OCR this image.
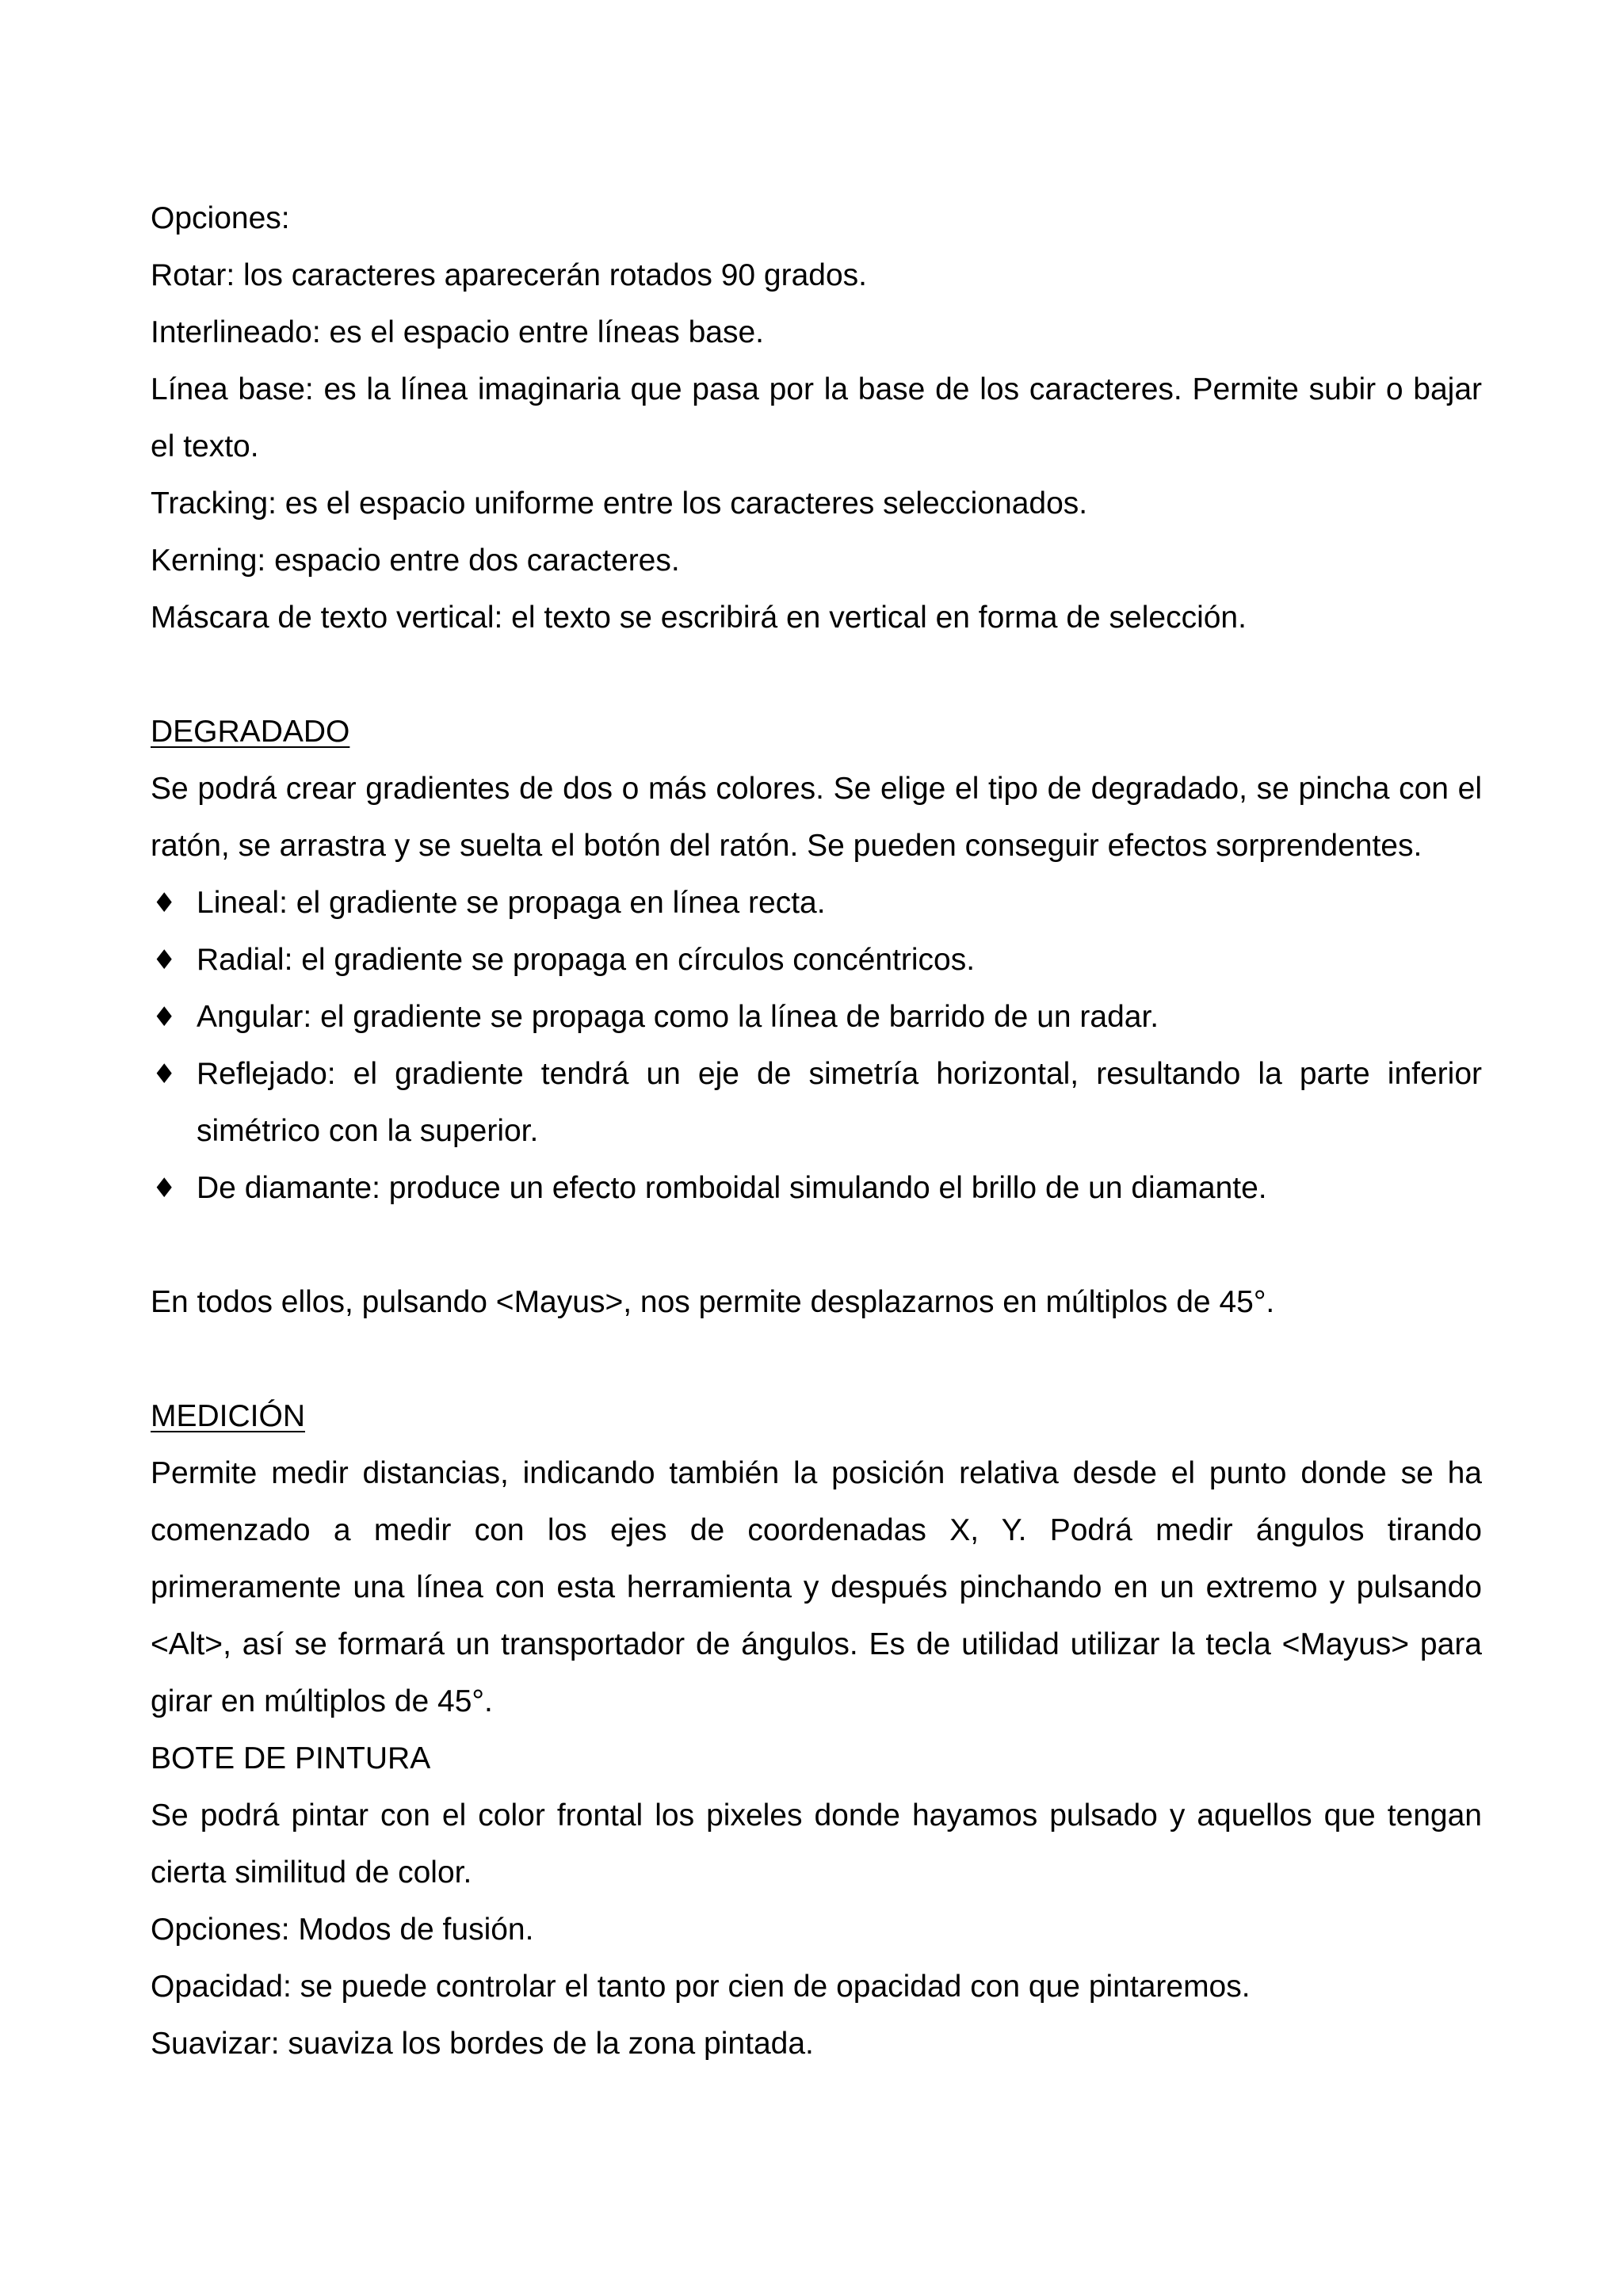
Opciones:

Rotar: los caracteres aparecerán rotados 90 grados.

Interlineado: es el espacio entre líneas base.

Línea base: es la línea imaginaria que pasa por la base de los caracteres. Permite subir o bajar el texto.

Tracking: es el espacio uniforme entre los caracteres seleccionados.

Kerning: espacio entre dos caracteres.

Máscara de texto vertical: el texto se escribirá en vertical en forma de selección.

DEGRADADO

Se podrá crear gradientes de dos o más colores. Se elige el tipo de degradado, se pincha con el ratón, se arrastra y se suelta el botón del ratón. Se pueden conseguir efectos sorprendentes.

♦ Lineal: el gradiente se propaga en línea recta.
♦ Radial: el gradiente se propaga en círculos concéntricos.
♦ Angular: el gradiente se propaga como la línea de barrido de un radar.
♦ Reflejado: el gradiente tendrá un eje de simetría horizontal, resultando la parte inferior simétrico con la superior.
♦ De diamante: produce un efecto romboidal simulando el brillo de un diamante.

En todos ellos, pulsando <Mayus>, nos permite desplazarnos en múltiplos de 45°.

MEDICIÓN

Permite medir distancias, indicando también la posición relativa desde el punto donde se ha comenzado a medir con los ejes de coordenadas X, Y. Podrá medir ángulos tirando primeramente una línea con esta herramienta y después pinchando en un extremo y pulsando <Alt>, así se formará un transportador de ángulos. Es de utilidad utilizar la tecla <Mayus> para girar en múltiplos de 45°.

BOTE DE PINTURA

Se podrá pintar con el color frontal los pixeles donde hayamos pulsado y aquellos que tengan cierta similitud de color.

Opciones: Modos de fusión.

Opacidad: se puede controlar el tanto por cien de opacidad con que pintaremos.

Suavizar: suaviza los bordes de la zona pintada.
